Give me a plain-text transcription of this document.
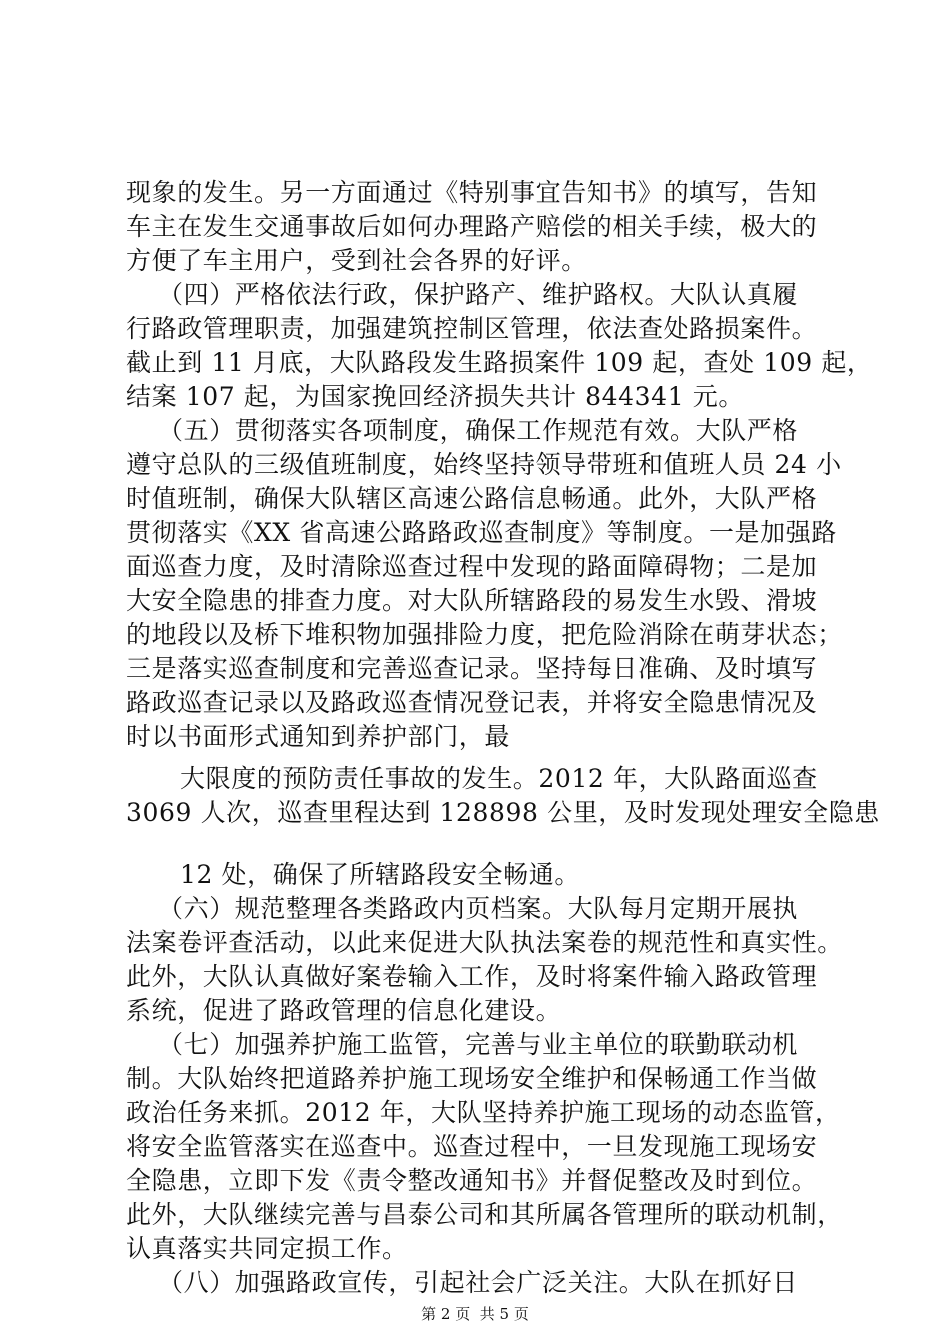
现象的发生。另一方面通过《特别事宜告知书》的填写，告知
车主在发生交通事故后如何办理路产赔偿的相关手续，极大的
方便了车主用户，受到社会各界的好评。
（四）严格依法行政，保护路产、维护路权。大队认真履
行路政管理职责，加强建筑控制区管理，依法查处路损案件。
截止到 11 月底，大队路段发生路损案件 109 起，查处 109 起，
结案 107 起，为国家挽回经济损失共计 844341 元。
（五）贯彻落实各项制度，确保工作规范有效。大队严格
遵守总队的三级值班制度，始终坚持领导带班和值班人员 24 小
时值班制，确保大队辖区高速公路信息畅通。此外，大队严格
贯彻落实《XX 省高速公路路政巡查制度》等制度。一是加强路
面巡查力度，及时清除巡查过程中发现的路面障碍物；二是加
大安全隐患的排查力度。对大队所辖路段的易发生水毁、滑坡
的地段以及桥下堆积物加强排险力度，把危险消除在萌芽状态；
三是落实巡查制度和完善巡查记录。坚持每日准确、及时填写
路政巡查记录以及路政巡查情况登记表，并将安全隐患情况及
时以书面形式通知到养护部门，最
大限度的预防责任事故的发生。2012 年，大队路面巡查
3069 人次，巡查里程达到 128898 公里，及时发现处理安全隐患
12 处，确保了所辖路段安全畅通。
（六）规范整理各类路政内页档案。大队每月定期开展执
法案卷评查活动，以此来促进大队执法案卷的规范性和真实性。
此外，大队认真做好案卷输入工作，及时将案件输入路政管理
系统，促进了路政管理的信息化建设。
（七）加强养护施工监管，完善与业主单位的联勤联动机
制。大队始终把道路养护施工现场安全维护和保畅通工作当做
政治任务来抓。2012 年，大队坚持养护施工现场的动态监管，
将安全监管落实在巡查中。巡查过程中，一旦发现施工现场安
全隐患，立即下发《责令整改通知书》并督促整改及时到位。
此外，大队继续完善与昌泰公司和其所属各管理所的联动机制，
认真落实共同定损工作。
（八）加强路政宣传，引起社会广泛关注。大队在抓好日
第 2 页  共 5 页
